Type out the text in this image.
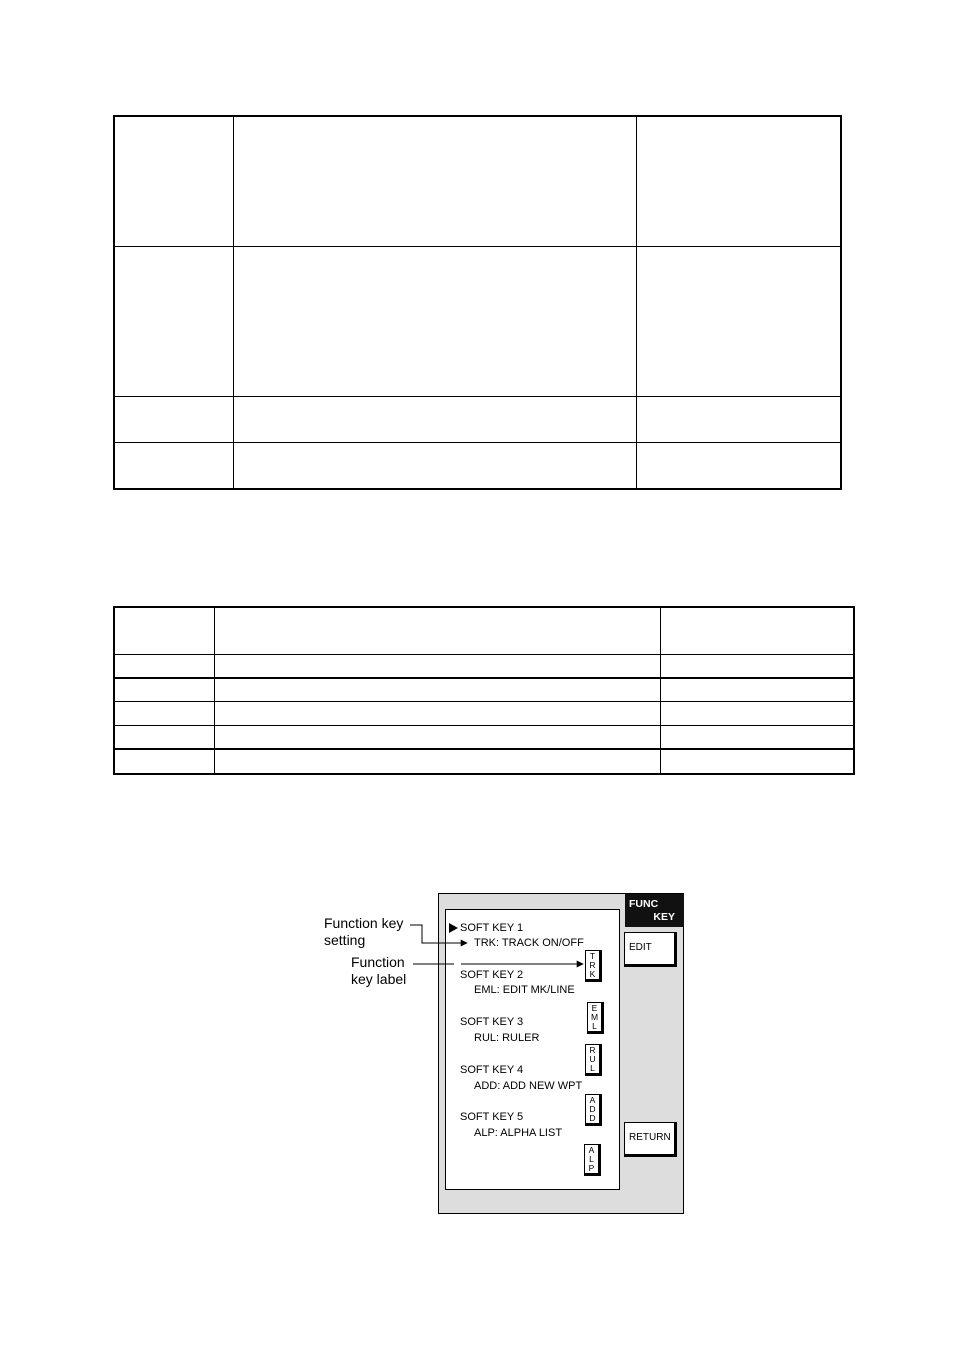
Function key
setting
Function
key label
FUNC
KEY
EDIT
RETURN
SOFT KEY 1
TRK: TRACK ON/OFF
SOFT KEY 2
EML: EDIT MK/LINE
SOFT KEY 3
RUL: RULER
SOFT KEY 4
ADD: ADD NEW WPT
SOFT KEY 5
ALP: ALPHA LIST
T
R
K
E
M
L
R
U
L
A
D
D
A
L
P
